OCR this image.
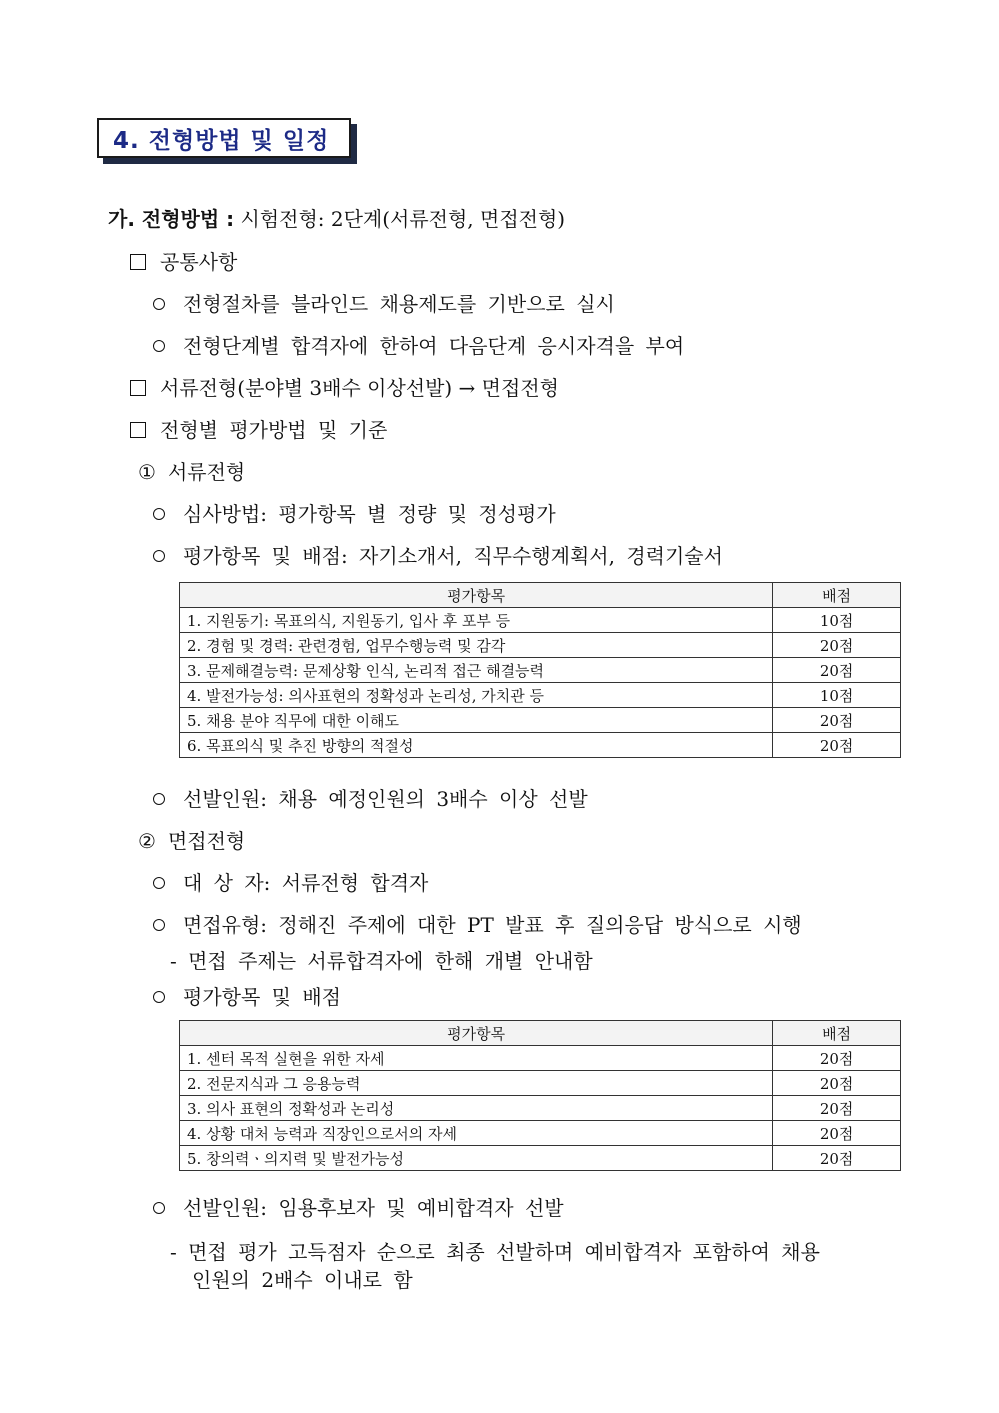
4. 전형방법 및 일정
가. 전형방법 : 시험전형: 2단계(서류전형, 면접전형)
공통사항
전형절차를 블라인드 채용제도를 기반으로 실시
전형단계별 합격자에 한하여 다음단계 응시자격을 부여
서류전형(분야별 3배수 이상선발) → 면접전형
전형별 평가방법 및 기준
① 서류전형
심사방법: 평가항목 별 정량 및 정성평가
평가항목 및 배점: 자기소개서, 직무수행계획서, 경력기술서
평가항목	배점
1. 지원동기: 목표의식, 지원동기, 입사 후 포부 등	10점
2. 경험 및 경력: 관련경험, 업무수행능력 및 감각	20점
3. 문제해결능력: 문제상황 인식, 논리적 접근 해결능력	20점
4. 발전가능성: 의사표현의 정확성과 논리성, 가치관 등	10점
5. 채용 분야 직무에 대한 이해도	20점
6. 목표의식 및 추진 방향의 적절성	20점
선발인원: 채용 예정인원의 3배수 이상 선발
② 면접전형
대 상 자: 서류전형 합격자
면접유형: 정해진 주제에 대한 PT 발표 후 질의응답 방식으로 시행
- 면접 주제는 서류합격자에 한해 개별 안내함
평가항목 및 배점
평가항목	배점
1. 센터 목적 실현을 위한 자세	20점
2. 전문지식과 그 응용능력	20점
3. 의사 표현의 정확성과 논리성	20점
4. 상황 대처 능력과 직장인으로서의 자세	20점
5. 창의력ㆍ의지력 및 발전가능성	20점
선발인원: 임용후보자 및 예비합격자 선발
- 면접 평가 고득점자 순으로 최종 선발하며 예비합격자 포함하여 채용
인원의 2배수 이내로 함
